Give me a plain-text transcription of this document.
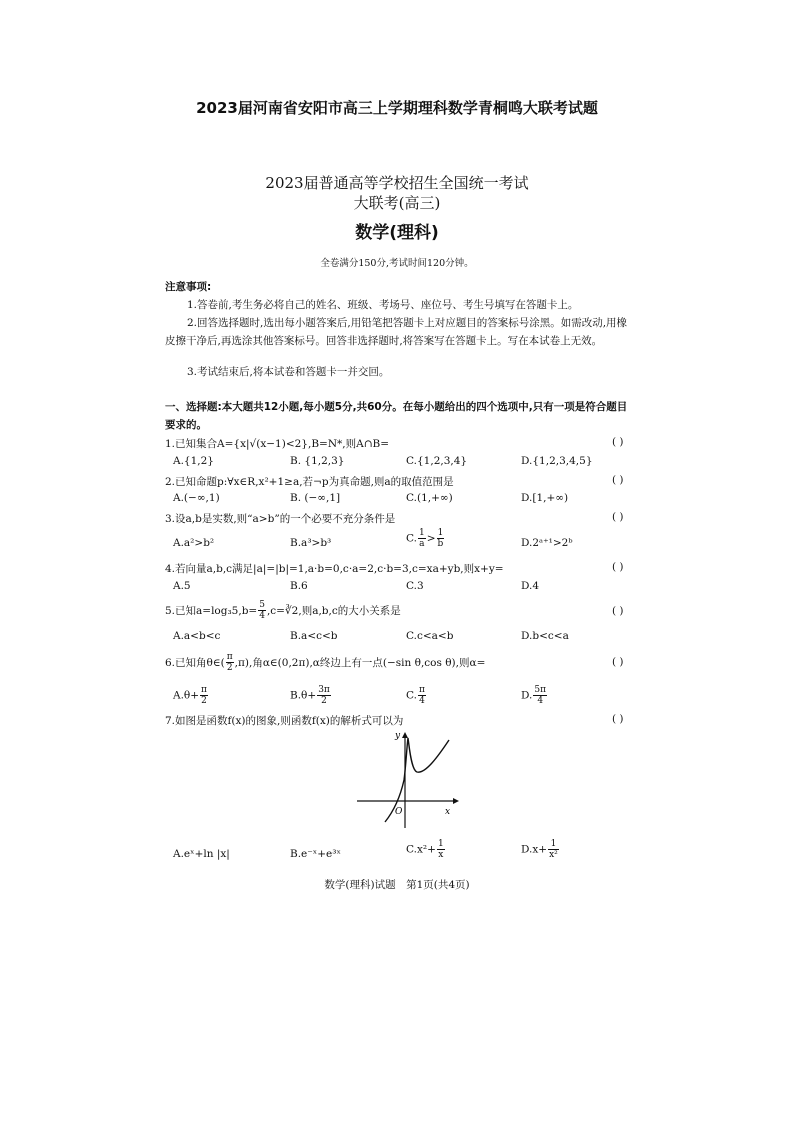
2023届河南省安阳市高三上学期理科数学青桐鸣大联考试题
2023届普通高等学校招生全国统一考试
大联考(高三)
数学(理科)
全卷满分150分,考试时间120分钟。
注意事项:
1.答卷前,考生务必将自己的姓名、班级、考场号、座位号、考生号填写在答题卡上。
2.回答选择题时,选出每小题答案后,用铅笔把答题卡上对应题目的答案标号涂黑。如需改动,用橡皮擦干净后,再选涂其他答案标号。回答非选择题时,将答案写在答题卡上。写在本试卷上无效。
3.考试结束后,将本试卷和答题卡一并交回。
一、选择题:本大题共12小题,每小题5分,共60分。在每小题给出的四个选项中,只有一项是符合题目要求的。
1.已知集合A={x|√(x−1)<2},B=N*,则A∩B=	( )
A.{1,2}	B. {1,2,3}	C.{1,2,3,4}	D.{1,2,3,4,5}
2.已知命题p:∀x∈R,x²+1≥a,若¬p为真命题,则a的取值范围是	( )
A.(−∞,1)	B. (−∞,1]	C.(1,+∞)	D.[1,+∞)
3.设a,b是实数,则“a>b”的一个必要不充分条件是	( )
A.a²>b²	B.a³>b³	C. $\frac{1}{a} > \frac{1}{b}$	D.2ᵃ⁺¹>2ᵇ
4.若向量a,b,c满足|a|=|b|=1,a·b=0,c·a=2,c·b=3,c=xa+yb,则x+y=	( )
A.5	B.6	C.3	D.4
5.已知$a=\log_35,b= \frac{5}{4}$ ,c=∛2,则a,b,c的大小关系是	( )
A.a<b<c	B.a<c<b	C.c<a<b	D.b<c<a
6.已知角θ∈( $\frac{\pi}{2} ,\pi$),角α∈(0,2π),α终边上有一点(−sin θ,cos θ),则α=	( )
$A.\theta+ \frac{\pi}{2}$	$B.\theta+ \frac{3\pi}{2}$	C. $\frac{\pi}{4}$	D. $\frac{5\pi}{4}$
7.如图是函数f(x)的图象,则函数f(x)的解析式可以为	( )
y
x
O
A.eˣ+ln |x|	B.e⁻ˣ+e³ˣ	$C.x^2+ \frac{1}{x}$	$D.x+ \frac{1}{\text{x²}}$
数学(理科)试题　第1页(共4页)
